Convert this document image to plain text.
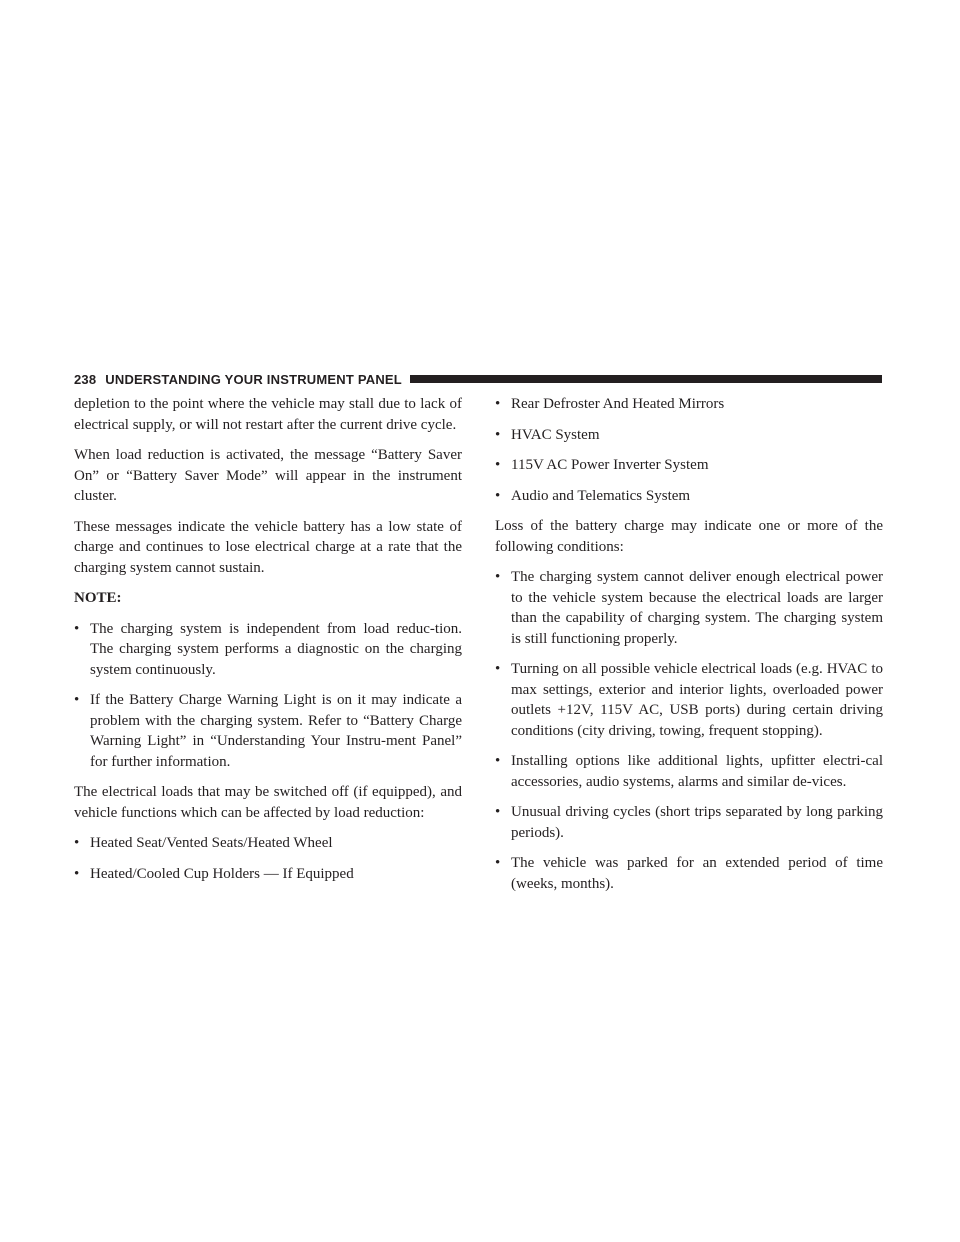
238 UNDERSTANDING YOUR INSTRUMENT PANEL

depletion to the point where the vehicle may stall due to lack of electrical supply, or will not restart after the current drive cycle.

When load reduction is activated, the message “Battery Saver On” or “Battery Saver Mode” will appear in the instrument cluster.

These messages indicate the vehicle battery has a low state of charge and continues to lose electrical charge at a rate that the charging system cannot sustain.

NOTE:

• The charging system is independent from load reduc-tion. The charging system performs a diagnostic on the charging system continuously.
• If the Battery Charge Warning Light is on it may indicate a problem with the charging system. Refer to “Battery Charge Warning Light” in “Understanding Your Instru-ment Panel” for further information.

The electrical loads that may be switched off (if equipped), and vehicle functions which can be affected by load reduction:

• Heated Seat/Vented Seats/Heated Wheel
• Heated/Cooled Cup Holders — If Equipped
• Rear Defroster And Heated Mirrors
• HVAC System
• 115V AC Power Inverter System
• Audio and Telematics System

Loss of the battery charge may indicate one or more of the following conditions:

• The charging system cannot deliver enough electrical power to the vehicle system because the electrical loads are larger than the capability of charging system. The charging system is still functioning properly.
• Turning on all possible vehicle electrical loads (e.g. HVAC to max settings, exterior and interior lights, overloaded power outlets +12V, 115V AC, USB ports) during certain driving conditions (city driving, towing, frequent stopping).
• Installing options like additional lights, upfitter electri-cal accessories, audio systems, alarms and similar de-vices.
• Unusual driving cycles (short trips separated by long parking periods).
• The vehicle was parked for an extended period of time (weeks, months).
